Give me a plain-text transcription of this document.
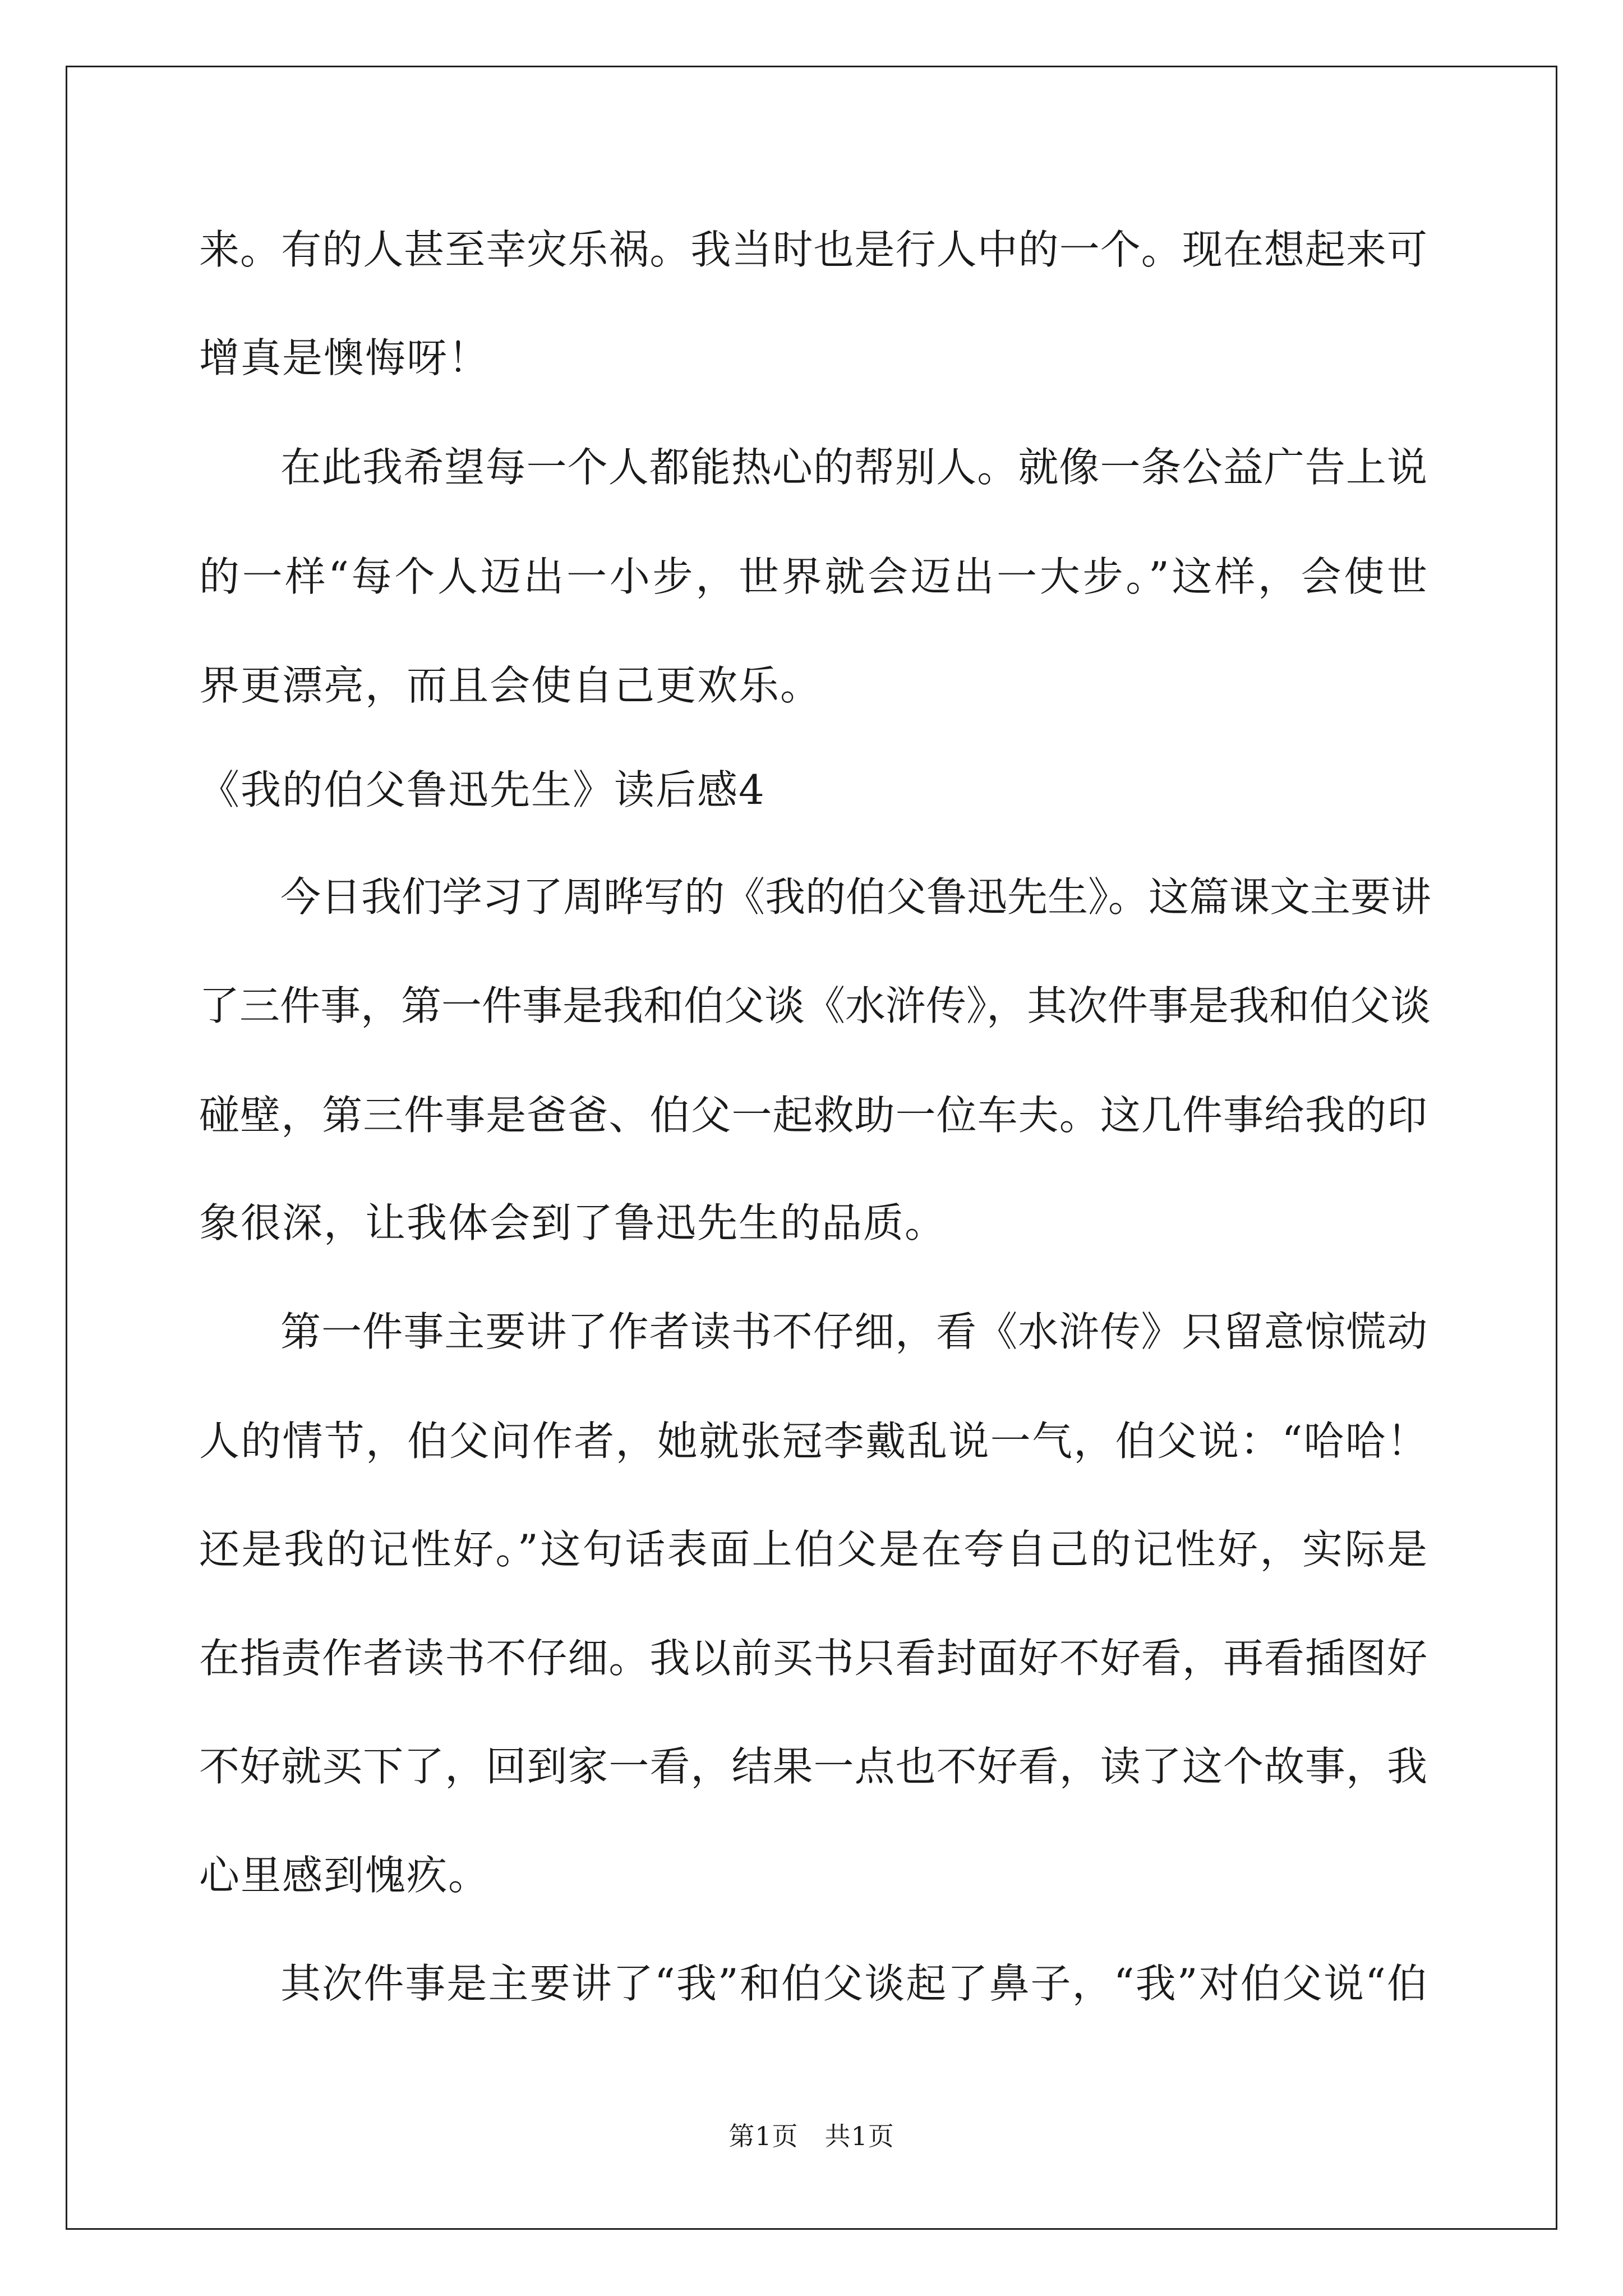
来。有的人甚至幸灾乐祸。我当时也是行人中的一个。现在想起来可
增真是懊悔呀！
在此我希望每一个人都能热心的帮别人。就像一条公益广告上说
的一样“每个人迈出一小步，世界就会迈出一大步。”这样，会使世
界更漂亮，而且会使自己更欢乐。
《我的伯父鲁迅先生》读后感4
今日我们学习了周晔写的《我的伯父鲁迅先生》。这篇课文主要讲
了三件事，第一件事是我和伯父谈《水浒传》，其次件事是我和伯父谈
碰壁，第三件事是爸爸、伯父一起救助一位车夫。这几件事给我的印
象很深，让我体会到了鲁迅先生的品质。
第一件事主要讲了作者读书不仔细，看《水浒传》只留意惊慌动
人的情节，伯父问作者，她就张冠李戴乱说一气，伯父说：“哈哈！
还是我的记性好。”这句话表面上伯父是在夸自己的记性好，实际是
在指责作者读书不仔细。我以前买书只看封面好不好看，再看插图好
不好就买下了，回到家一看，结果一点也不好看，读了这个故事，我
心里感到愧疚。
其次件事是主要讲了“我”和伯父谈起了鼻子，“我”对伯父说“伯
第1页　共1页
